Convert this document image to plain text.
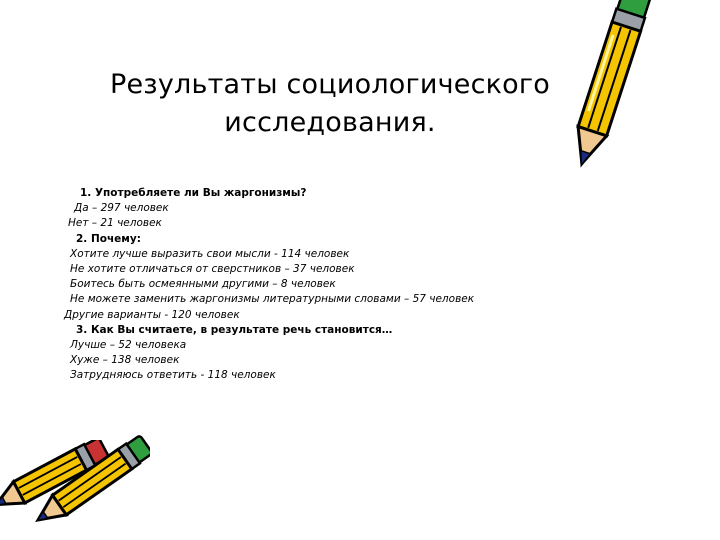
Результаты социологического
исследования.
1. Употребляете ли Вы жаргонизмы?
Да – 297 человек
Нет – 21 человек
2. Почему:
Хотите лучше выразить свои мысли - 114 человек
Не хотите отличаться от сверстников – 37 человек
Боитесь быть осмеянными другими – 8 человек
Не можете заменить жаргонизмы литературными словами – 57 человек
Другие варианты - 120 человек
3. Как Вы считаете, в результате речь становится…
Лучше – 52 человека
Хуже – 138 человек
Затрудняюсь ответить - 118 человек
